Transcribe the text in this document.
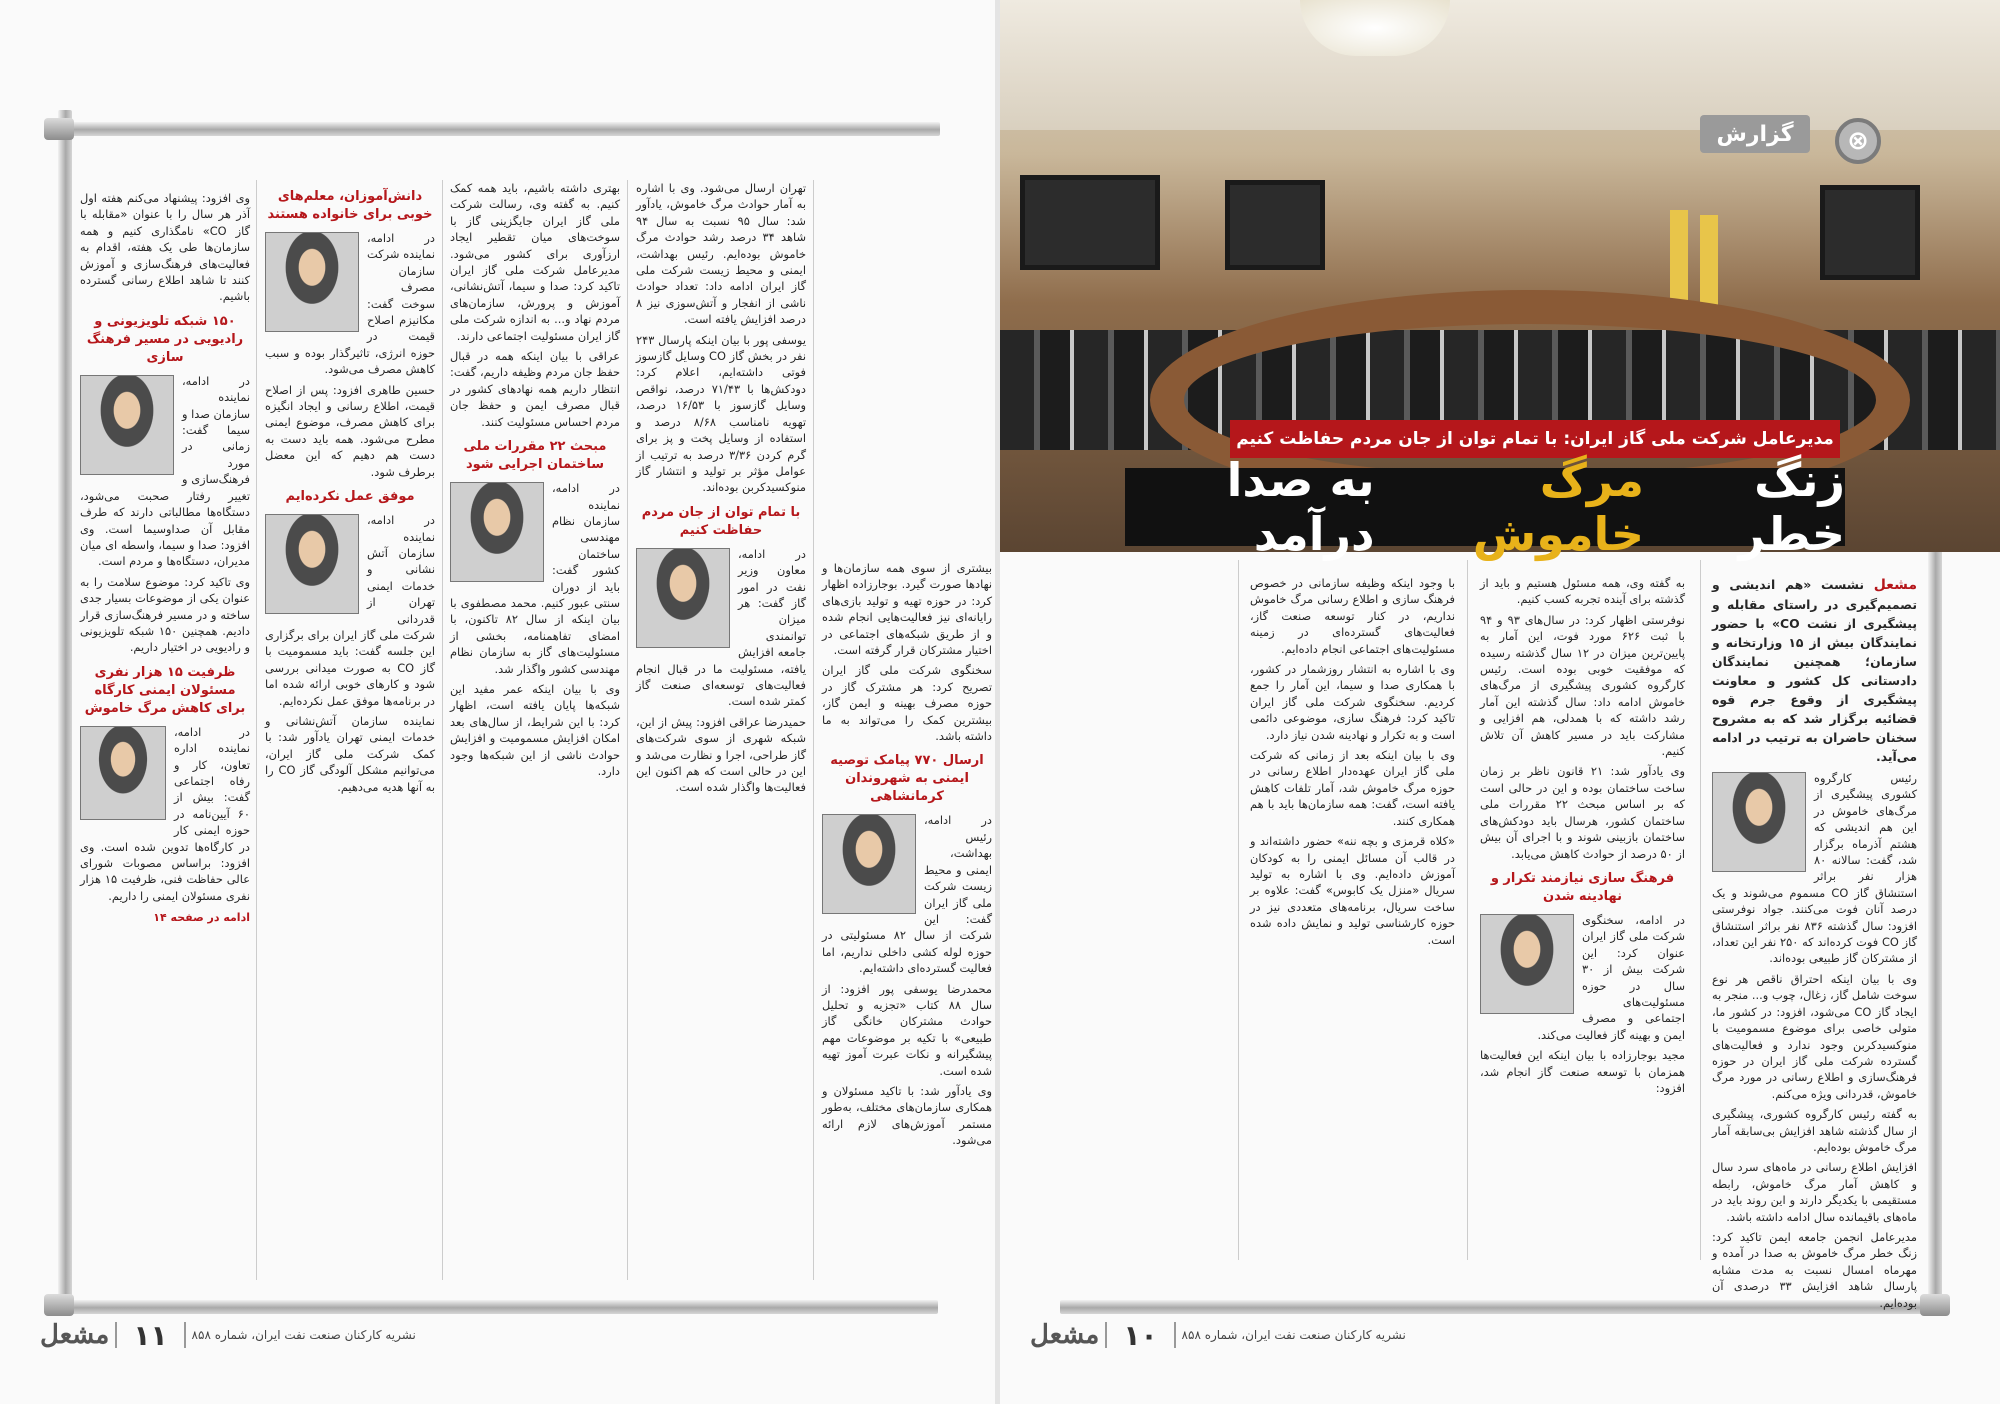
وی افزود: پیشنهاد می‌کنم هفته اول آذر هر سال را با عنوان «مقابله با گاز CO» نامگذاری کنیم و همه سازمان‌ها طی یک هفته، اقدام به فعالیت‌های فرهنگ‌سازی و آموزش کنند تا شاهد اطلاع رسانی گسترده باشیم.

۱۵۰ شبکه تلویزیونی و رادیویی در مسیر فرهنگ سازی

در ادامه، نماینده سازمان صدا و سیما گفت: زمانی در مورد فرهنگ‌سازی و تغییر رفتار صحبت می‌شود، دستگاه‌ها مطالباتی دارند که طرف مقابل آن صداوسیما است. وی افزود: صدا و سیما، واسطه ای میان مدیران، دستگاه‌ها و مردم است.

وی تاکید کرد: موضوع سلامت را به عنوان یکی از موضوعات بسیار جدی ساخته و در مسیر فرهنگ‌سازی قرار دادیم. همچنین ۱۵۰ شبکه تلویزیونی و رادیویی در اختیار داریم.

ظرفیت ۱۵ هزار نفری مسئولان ایمنی کارگاه برای کاهش مرگ خاموش

در ادامه، نماینده اداره تعاون، کار و رفاه اجتماعی گفت: بیش از ۶۰ آیین‌نامه در حوزه ایمنی کار در کارگاه‌ها تدوین شده است. وی افزود: براساس مصوبات شورای عالی حفاظت فنی، ظرفیت ۱۵ هزار نفری مسئولان ایمنی را داریم.

ادامه در صفحه ۱۴
دانش‌آموزان، معلم‌های خوبی برای خانواده هستند

در ادامه، نماینده شرکت سازمان مصرف سوخت گفت: مکانیزم اصلاح قیمت در حوزه انرژی، تاثیرگذار بوده و سبب کاهش مصرف می‌شود.

حسین طاهری افزود: پس از اصلاح قیمت، اطلاع رسانی و ایجاد انگیزه برای کاهش مصرف، موضوع ایمنی مطرح می‌شود. همه باید دست به دست هم دهیم که این معضل برطرف شود.

موفق عمل نکرده‌ایم

در ادامه، نماینده سازمان آتش نشانی و خدمات ایمنی تهران از قدردانی شرکت ملی گاز ایران برای برگزاری این جلسه گفت: باید مسمومیت با گاز CO به صورت میدانی بررسی شود و کارهای خوبی ارائه شده اما در برنامه‌ها موفق عمل نکرده‌ایم.

نماینده سازمان آتش‌نشانی و خدمات ایمنی تهران یادآور شد: با کمک شرکت ملی گاز ایران، می‌توانیم مشکل آلودگی گاز CO را به آنها هدیه می‌دهیم.

بهتری داشته باشیم، باید همه کمک کنیم. به گفته وی، رسالت شرکت ملی گاز ایران جایگزینی گاز با سوخت‌های میان تقطیر ایجاد ارزآوری برای کشور می‌شود. مدیرعامل شرکت ملی گاز ایران تاکید کرد: صدا و سیما، آتش‌نشانی، آموزش و پرورش، سازمان‌های مردم نهاد و... به اندازه شرکت ملی گاز ایران مسئولیت اجتماعی دارند.

عراقی با بیان اینکه همه در قبال حفظ جان مردم وظیفه داریم، گفت: انتظار داریم همه نهادهای کشور در قبال مصرف ایمن و حفظ جان مردم احساس مسئولیت کنند.

مبحث ۲۲ مقررات ملی ساختمان اجرایی شود

در ادامه، نماینده سازمان نظام مهندسی ساختمان کشور گفت: باید از دوران سنتی عبور کنیم. محمد مصطفوی با بیان اینکه از سال ۸۲ تاکنون، با امضای تفاهمنامه، بخشی از مسئولیت‌های گاز به سازمان نظام مهندسی کشور واگذار شد.

وی با بیان اینکه عمر مفید این شبکه‌ها پایان یافته است، اظهار کرد: با این شرایط، از سال‌های بعد امکان افزایش مسمومیت و افزایش حوادث ناشی از این شبکه‌ها وجود دارد.

تهران ارسال می‌شود. وی با اشاره به آمار حوادث مرگ خاموش، یادآور شد: سال ۹۵ نسبت به سال ۹۴ شاهد ۳۴ درصد رشد حوادث مرگ خاموش بوده‌ایم. رئیس بهداشت، ایمنی و محیط زیست شرکت ملی گاز ایران ادامه داد: تعداد حوادث ناشی از انفجار و آتش‌سوزی نیز ۸ درصد افزایش یافته است.

یوسفی پور با بیان اینکه پارسال ۲۴۳ نفر در بخش گاز CO وسایل گازسوز فوتی داشته‌ایم، اعلام کرد: دودکش‌ها با ۷۱/۴۳ درصد، نواقص وسایل گازسوز با ۱۶/۵۳ درصد، تهویه نامناسب ۸/۶۸ درصد و استفاده از وسایل پخت و پز برای گرم کردن ۳/۳۶ درصد به ترتیب از عوامل مؤثر بر تولید و انتشار گاز منوکسیدکربن بوده‌اند.

با تمام توان از جان مردم حفاظت کنیم

در ادامه، معاون وزیر نفت در امور گاز گفت: هر میزان توانمندی جامعه افزایش یافته، مسئولیت ما در قبال انجام فعالیت‌های توسعه‌ای صنعت گاز کمتر شده است.

حمیدرضا عراقی افزود: پیش از این، شبکه شهری از سوی شرکت‌های گاز طراحی، اجرا و نظارت می‌شد و این در حالی است که هم اکنون این فعالیت‌ها واگذار شده است.

بیشتری از سوی همه سازمان‌ها و نهادها صورت گیرد. بوجارزاده اظهار کرد: در حوزه تهیه و تولید بازی‌های رایانه‌ای نیز فعالیت‌هایی انجام شده و از طریق شبکه‌های اجتماعی در اختیار مشترکان قرار گرفته است.

سخنگوی شرکت ملی گاز ایران تصریح کرد: هر مشترک گاز در حوزه مصرف بهینه و ایمن گاز، بیشترین کمک را می‌تواند به ما داشته باشد.

ارسال ۷۷۰ پیامک توصیه ایمنی به شهروندان کرمانشاهی

در ادامه، رئیس بهداشت، ایمنی و محیط زیست شرکت ملی گاز ایران گفت: این شرکت از سال ۸۲ مسئولیتی در حوزه لوله کشی داخلی نداریم، اما فعالیت گسترده‌ای داشته‌ایم.

محمدرضا یوسفی پور افزود: از سال ۸۸ کتاب «تجزیه و تحلیل حوادث مشترکان خانگی گاز طبیعی» با تکیه بر موضوعات مهم پیشگیرانه و نکات عبرت آموز تهیه شده است.

وی یادآور شد: با تاکید مسئولان و همکاری سازمان‌های مختلف، به‌طور مستمر آموزش‌های لازم ارائه می‌شود.

نشریه کارکنان صنعت نفت ایران، شماره ۸۵۸
۱۱
مشعل
⊗
گزارش
مدیرعامل شرکت ملی گاز ایران: با تمام توان از جان مردم حفاظت کنیم
زنگ خطر
مرگ خاموش
به صدا درآمد

مشعل نشست «هم اندیشی و تصمیم‌گیری در راستای مقابله و پیشگیری از نشت CO» با حضور نمایندگان بیش از ۱۵ وزارتخانه و سازمان؛ همچنین نمایندگان دادستانی کل کشور و معاونت پیشگیری از وقوع جرم قوه قضائیه برگزار شد که به مشروح سخنان حاضران به ترتیب در ادامه می‌آید.

رئیس کارگروه کشوری پیشگیری از مرگ‌های خاموش در این هم اندیشی که هشتم آذرماه برگزار شد، گفت: سالانه ۸۰ هزار نفر براثر استنشاق گاز CO مسموم می‌شوند و یک درصد آنان فوت می‌کنند. جواد نوفرستی افزود: سال گذشته ۸۳۶ نفر براثر استنشاق گاز CO فوت کرده‌اند که ۲۵۰ نفر این تعداد، از مشترکان گاز طبیعی بوده‌اند.

وی با بیان اینکه احتراق ناقص هر نوع سوخت شامل گاز، زغال، چوب و... منجر به ایجاد گاز CO می‌شود، افزود: در کشور ما، متولی خاصی برای موضوع مسمومیت با منوکسیدکربن وجود ندارد و فعالیت‌های گسترده شرکت ملی گاز ایران در حوزه فرهنگ‌سازی و اطلاع رسانی در مورد مرگ خاموش، قدردانی ویژه می‌کنم.

به گفته رئیس کارگروه کشوری، پیشگیری از سال گذشته شاهد افزایش بی‌سابقه آمار مرگ خاموش بوده‌ایم.

افزایش اطلاع رسانی در ماه‌های سرد سال و کاهش آمار مرگ خاموش، رابطه مستقیمی با یکدیگر دارند و این روند باید در ماه‌های باقیمانده سال ادامه داشته باشد.

مدیرعامل انجمن جامعه ایمن تاکید کرد: زنگ خطر مرگ خاموش به صدا در آمده و مهرماه امسال نسبت به مدت مشابه پارسال شاهد افزایش ۳۳ درصدی آن بوده‌ایم.

به گفته وی، همه مسئول هستیم و باید از گذشته برای آینده تجربه کسب کنیم.

نوفرستی اظهار کرد: در سال‌های ۹۳ و ۹۴ با ثبت ۶۲۶ مورد فوت، این آمار به پایین‌ترین میزان در ۱۲ سال گذشته رسیده که موفقیت خوبی بوده است. رئیس کارگروه کشوری پیشگیری از مرگ‌های خاموش ادامه داد: سال گذشته این آمار رشد داشته که با همدلی، هم افزایی و مشارکت باید در مسیر کاهش آن تلاش کنیم.

وی یادآور شد: ۲۱ قانون ناظر بر زمان ساخت ساختمان بوده و این در حالی است که بر اساس مبحث ۲۲ مقررات ملی ساختمان کشور، هرسال باید دودکش‌های ساختمان بازبینی شوند و با اجرای آن بیش از ۵۰ درصد از حوادث کاهش می‌یابد.

فرهنگ سازی نیازمند تکرار و نهادینه شدن

در ادامه، سخنگوی شرکت ملی گاز ایران عنوان کرد: این شرکت بیش از ۳۰ سال در حوزه مسئولیت‌های اجتماعی و مصرف ایمن و بهینه گاز فعالیت می‌کند.

مجید بوجارزاده با بیان اینکه این فعالیت‌ها همزمان با توسعه صنعت گاز انجام شد، افزود:

با وجود اینکه وظیفه سازمانی در خصوص فرهنگ سازی و اطلاع رسانی مرگ خاموش نداریم، در کنار توسعه صنعت گاز، فعالیت‌های گسترده‌ای در زمینه مسئولیت‌های اجتماعی انجام داده‌ایم.

وی با اشاره به انتشار روزشمار در کشور، با همکاری صدا و سیما، این آمار را جمع کردیم. سخنگوی شرکت ملی گاز ایران تاکید کرد: فرهنگ سازی، موضوعی دائمی است و به تکرار و نهادینه شدن نیاز دارد.

وی با بیان اینکه بعد از زمانی که شرکت ملی گاز ایران عهده‌دار اطلاع رسانی در حوزه مرگ خاموش شد، آمار تلفات کاهش یافته است، گفت: همه سازمان‌ها باید با هم همکاری کنند.

«کلاه قرمزی و بچه ننه» حضور داشته‌اند و در قالب آن مسائل ایمنی را به کودکان آموزش داده‌ایم. وی با اشاره به تولید سریال «منزل یک کابوس» گفت: علاوه بر ساخت سریال، برنامه‌های متعددی نیز در حوزه کارشناسی تولید و نمایش داده شده است.

مشعل ۱۰ نشریه کارکنان صنعت نفت ایران، شماره ۸۵۸
